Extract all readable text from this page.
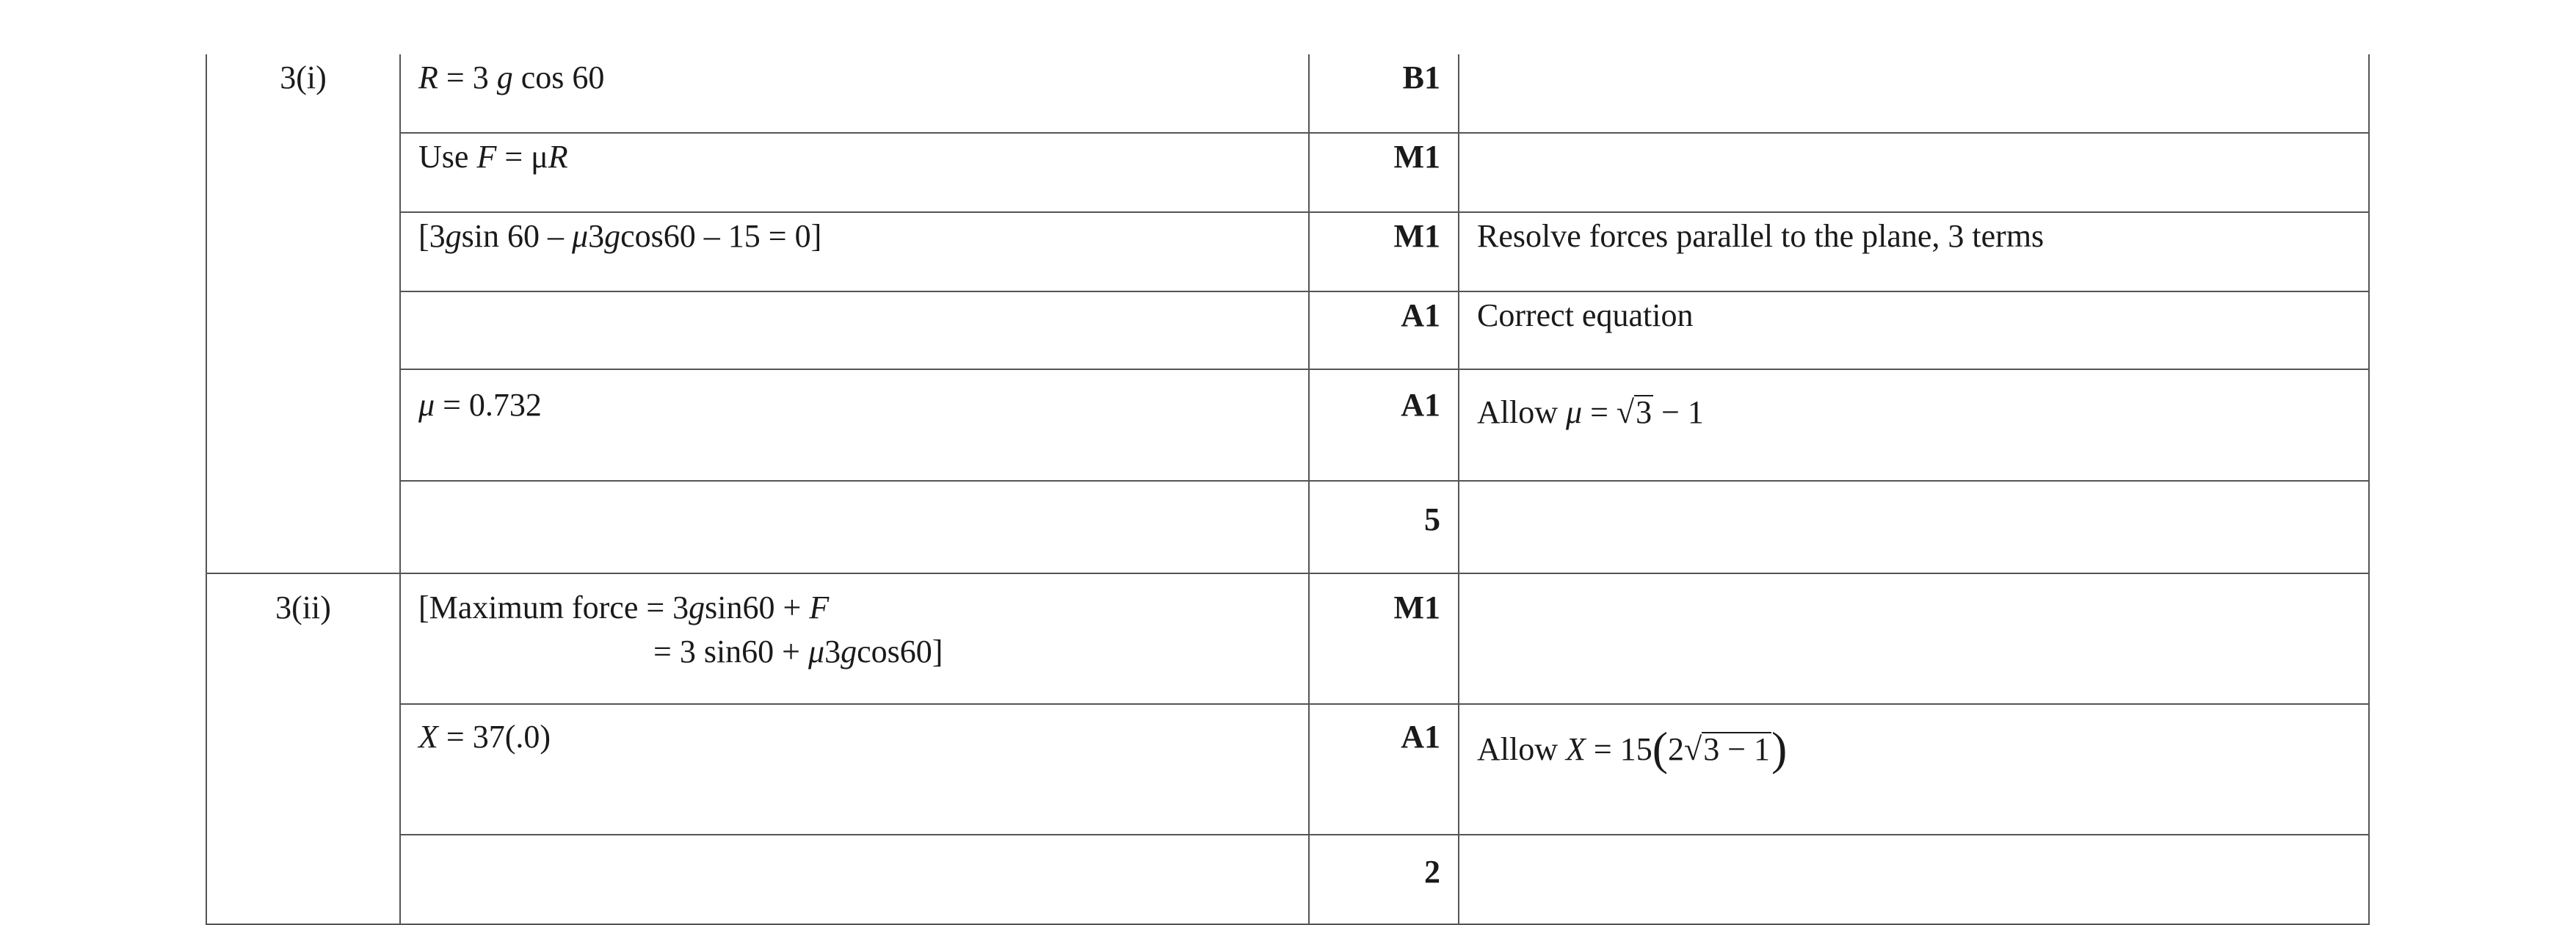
3(i)	R = 3 g cos 60	B1	
	Use F = μR	M1	
	[3gsin 60 – μ3gcos60 – 15 = 0]	M1	Resolve forces parallel to the plane, 3 terms
		A1	Correct equation
	μ = 0.732	A1	Allow μ = √3 − 1
		5	

3(ii)	[Maximum force = 3gsin60 + F
= 3 sin60 + μ3gcos60]	M1	
	X = 37(.0)	A1	Allow X = 15(2√3 − 1)
		2	
